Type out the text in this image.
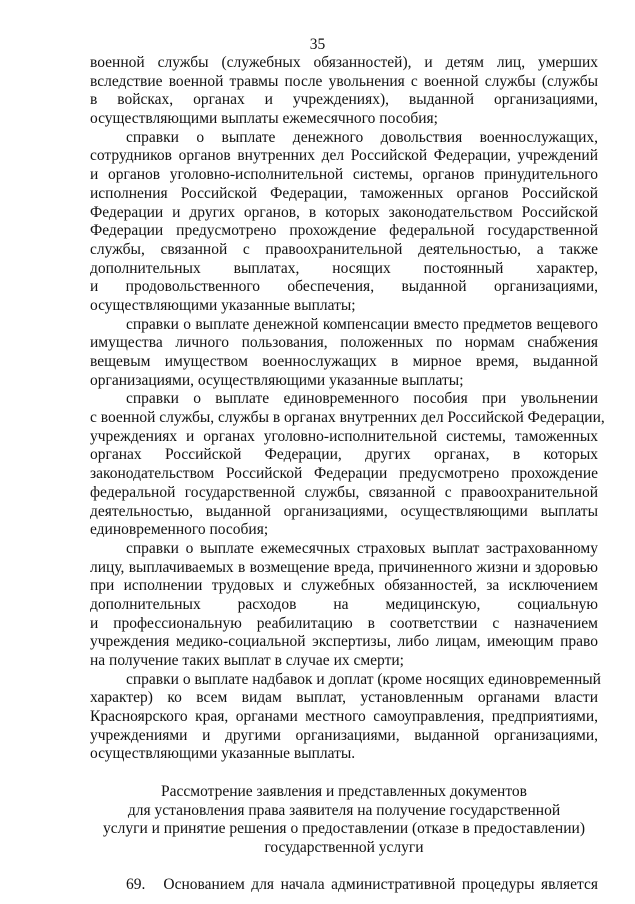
35
военной службы (служебных обязанностей), и детям лиц, умерших
вследствие военной травмы после увольнения с военной службы (службы
в войсках, органах и учреждениях), выданной организациями,
осуществляющими выплаты ежемесячного пособия;
справки о выплате денежного довольствия военнослужащих,
сотрудников органов внутренних дел Российской Федерации, учреждений
и органов уголовно-исполнительной системы, органов принудительного
исполнения Российской Федерации, таможенных органов Российской
Федерации и других органов, в которых законодательством Российской
Федерации предусмотрено прохождение федеральной государственной
службы, связанной с правоохранительной деятельностью, а также
дополнительных выплатах, носящих постоянный характер,
и продовольственного обеспечения, выданной организациями,
осуществляющими указанные выплаты;
справки о выплате денежной компенсации вместо предметов вещевого
имущества личного пользования, положенных по нормам снабжения
вещевым имуществом военнослужащих в мирное время, выданной
организациями, осуществляющими указанные выплаты;
справки о выплате единовременного пособия при увольнении
с военной службы, службы в органах внутренних дел Российской Федерации,
учреждениях и органах уголовно-исполнительной системы, таможенных
органах Российской Федерации, других органах, в которых
законодательством Российской Федерации предусмотрено прохождение
федеральной государственной службы, связанной с правоохранительной
деятельностью, выданной организациями, осуществляющими выплаты
единовременного пособия;
справки о выплате ежемесячных страховых выплат застрахованному
лицу, выплачиваемых в возмещение вреда, причиненного жизни и здоровью
при исполнении трудовых и служебных обязанностей, за исключением
дополнительных расходов на медицинскую, социальную
и профессиональную реабилитацию в соответствии с назначением
учреждения медико-социальной экспертизы, либо лицам, имеющим право
на получение таких выплат в случае их смерти;
справки о выплате надбавок и доплат (кроме носящих единовременный
характер) ко всем видам выплат, установленным органами власти
Красноярского края, органами местного самоуправления, предприятиями,
учреждениями и другими организациями, выданной организациями,
осуществляющими указанные выплаты.
Рассмотрение заявления и представленных документов
для установления права заявителя на получение государственной
услуги и принятие решения о предоставлении (отказе в предоставлении)
государственной услуги
69. Основанием для начала административной процедуры является
